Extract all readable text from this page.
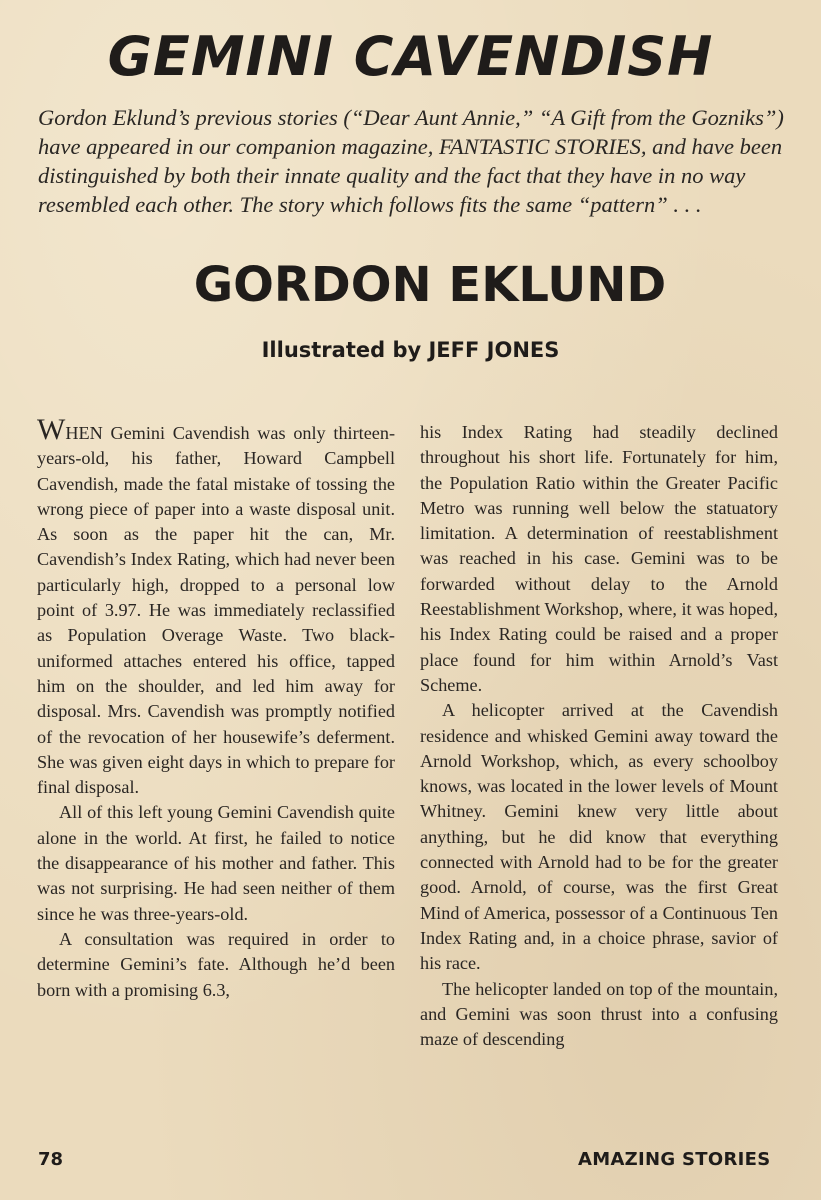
GEMINI CAVENDISH

Gordon Eklund’s previous stories (“Dear Aunt Annie,” “A Gift from the Gozniks”) have appeared in our companion magazine, FANTASTIC STORIES, and have been distinguished by both their innate quality and the fact that they have in no way resembled each other. The story which follows fits the same “pattern” . . .

GORDON EKLUND

Illustrated by JEFF JONES

WHEN Gemini Cavendish was only thirteen-years-old, his father, Howard Campbell Cavendish, made the fatal mistake of tossing the wrong piece of paper into a waste disposal unit. As soon as the paper hit the can, Mr. Cavendish’s Index Rating, which had never been particularly high, dropped to a personal low point of 3.97. He was immediately reclassified as Population Overage Waste. Two black-uniformed attaches entered his office, tapped him on the shoulder, and led him away for disposal. Mrs. Cavendish was promptly notified of the revocation of her housewife’s deferment. She was given eight days in which to prepare for final disposal.

All of this left young Gemini Cavendish quite alone in the world. At first, he failed to notice the disappearance of his mother and father. This was not surprising. He had seen neither of them since he was three-years-old.

A consultation was required in order to determine Gemini’s fate. Although he’d been born with a promising 6.3,

his Index Rating had steadily declined throughout his short life. Fortunately for him, the Population Ratio within the Greater Pacific Metro was running well below the statuatory limitation. A determination of reestablishment was reached in his case. Gemini was to be forwarded without delay to the Arnold Reestablishment Workshop, where, it was hoped, his Index Rating could be raised and a proper place found for him within Arnold’s Vast Scheme.

A helicopter arrived at the Cavendish residence and whisked Gemini away toward the Arnold Workshop, which, as every schoolboy knows, was located in the lower levels of Mount Whitney. Gemini knew very little about anything, but he did know that everything connected with Arnold had to be for the greater good. Arnold, of course, was the first Great Mind of America, possessor of a Continuous Ten Index Rating and, in a choice phrase, savior of his race.

The helicopter landed on top of the mountain, and Gemini was soon thrust into a confusing maze of descending

78	AMAZING STORIES
